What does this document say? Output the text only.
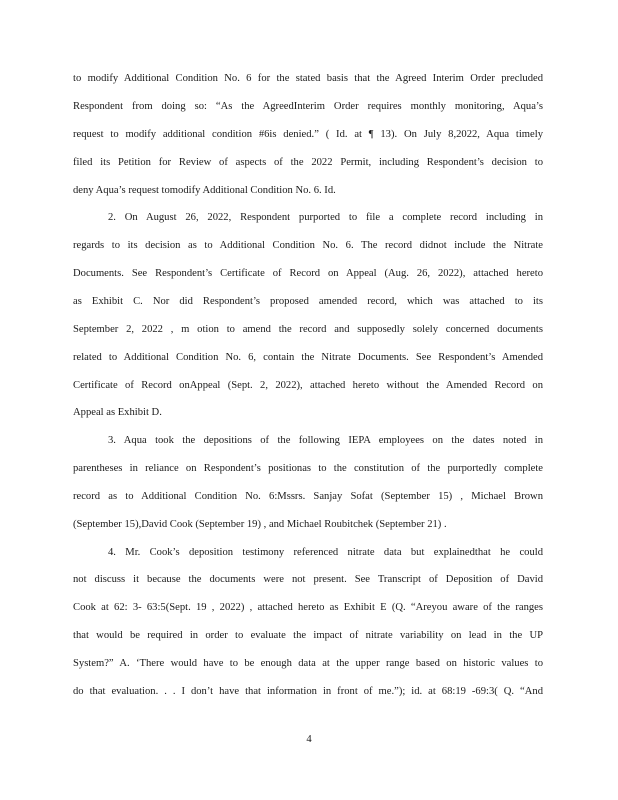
to modify Additional Condition No. 6 for the stated basis that the Agreed Interim Order precluded
Respondent from doing so: “As the AgreedInterim Order requires monthly monitoring, Aqua’s
request to modify additional condition #6is denied.” ( Id. at ¶ 13). On July 8,2022, Aqua timely
filed its Petition for Review of aspects of the 2022 Permit, including Respondent’s decision to
deny Aqua’s request tomodify Additional Condition No. 6. Id.
2. On August 26, 2022, Respondent purported to file a complete record including in
regards to its decision as to Additional Condition No. 6. The record didnot include the Nitrate
Documents. See Respondent’s Certificate of Record on Appeal (Aug. 26, 2022), attached hereto
as Exhibit C. Nor did Respondent’s proposed amended record, which was attached to its
September 2, 2022 , m otion to amend the record and supposedly solely concerned documents
related to Additional Condition No. 6, contain the Nitrate Documents. See Respondent’s Amended
Certificate of Record onAppeal (Sept. 2, 2022), attached hereto without the Amended Record on
Appeal as Exhibit D.
3. Aqua took the depositions of the following IEPA employees on the dates noted in
parentheses in reliance on Respondent’s positionas to the constitution of the purportedly complete
record as to Additional Condition No. 6:Mssrs. Sanjay Sofat (September 15) , Michael Brown
(September 15),David Cook (September 19) , and Michael Roubitchek (September 21) .
4. Mr. Cook’s deposition testimony referenced nitrate data but explainedthat he could
not discuss it because the documents were not present. See Transcript of Deposition of David
Cook at 62: 3- 63:5(Sept. 19 , 2022) , attached hereto as Exhibit E (Q. “Areyou aware of the ranges
that would be required in order to evaluate the impact of nitrate variability on lead in the UP
System?” A. ‘There would have to be enough data at the upper range based on historic values to
do that evaluation. . . I don’t have that information in front of me.”); id. at 68:19 -69:3( Q. “And
4
